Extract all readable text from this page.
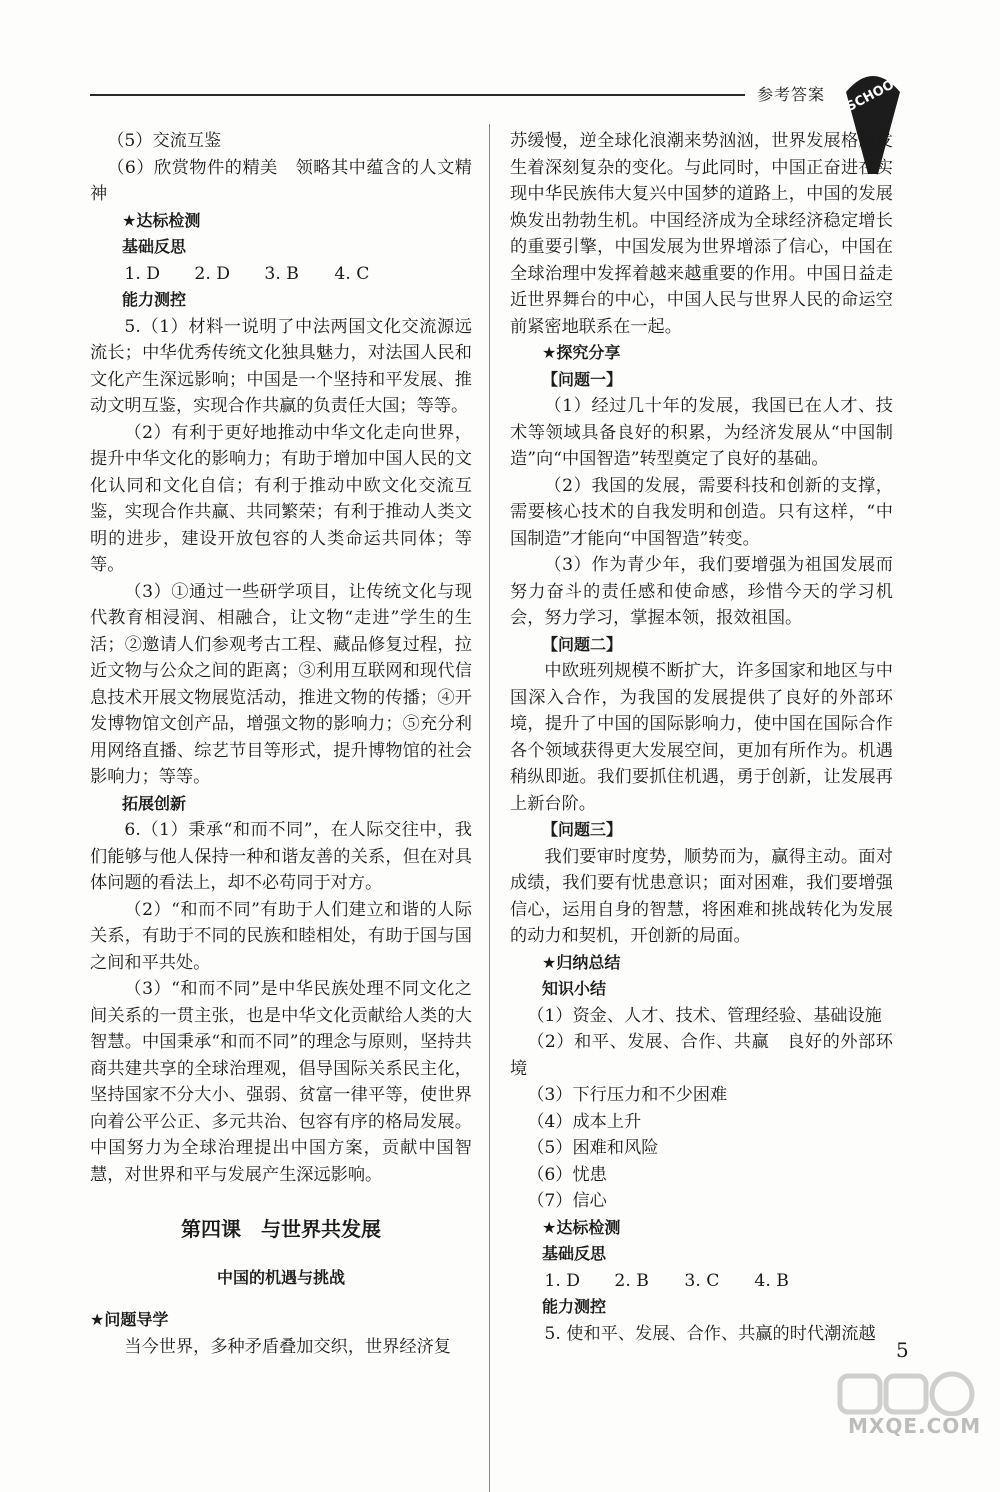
参考答案 SCHOOL

（5）交流互鉴

（6）欣赏物件的精美　领略其中蕴含的人文精神

★达标检测

基础反思

1. D 2. D 3. B 4. C

能力测控

5.（1）材料一说明了中法两国文化交流源远流长；中华优秀传统文化独具魅力，对法国人民和文化产生深远影响；中国是一个坚持和平发展、推动文明互鉴，实现合作共赢的负责任大国；等等。

（2）有利于更好地推动中华文化走向世界，提升中华文化的影响力；有助于增加中国人民的文化认同和文化自信；有利于推动中欧文化交流互鉴，实现合作共赢、共同繁荣；有利于推动人类文明的进步，建设开放包容的人类命运共同体；等等。

（3）①通过一些研学项目，让传统文化与现代教育相浸润、相融合，让文物“走进”学生的生活；②邀请人们参观考古工程、藏品修复过程，拉近文物与公众之间的距离；③利用互联网和现代信息技术开展文物展览活动，推进文物的传播；④开发博物馆文创产品，增强文物的影响力；⑤充分利用网络直播、综艺节目等形式，提升博物馆的社会影响力；等等。

拓展创新

6.（1）秉承“和而不同”，在人际交往中，我们能够与他人保持一种和谐友善的关系，但在对具体问题的看法上，却不必苟同于对方。

（2）“和而不同”有助于人们建立和谐的人际关系，有助于不同的民族和睦相处，有助于国与国之间和平共处。

（3）“和而不同”是中华民族处理不同文化之间关系的一贯主张，也是中华文化贡献给人类的大智慧。中国秉承“和而不同”的理念与原则，坚持共商共建共享的全球治理观，倡导国际关系民主化，坚持国家不分大小、强弱、贫富一律平等，使世界向着公平公正、多元共治、包容有序的格局发展。中国努力为全球治理提出中国方案，贡献中国智慧，对世界和平与发展产生深远影响。

第四课　与世界共发展
中国的机遇与挑战

★问题导学

当今世界，多种矛盾叠加交织，世界经济复

苏缓慢，逆全球化浪潮来势汹汹，世界发展格局发生着深刻复杂的变化。与此同时，中国正奋进在实现中华民族伟大复兴中国梦的道路上，中国的发展焕发出勃勃生机。中国经济成为全球经济稳定增长的重要引擎，中国发展为世界增添了信心，中国在全球治理中发挥着越来越重要的作用。中国日益走近世界舞台的中心，中国人民与世界人民的命运空前紧密地联系在一起。

★探究分享

【问题一】

（1）经过几十年的发展，我国已在人才、技术等领域具备良好的积累，为经济发展从“中国制造”向“中国智造”转型奠定了良好的基础。

（2）我国的发展，需要科技和创新的支撑，需要核心技术的自我发明和创造。只有这样，“中国制造”才能向“中国智造”转变。

（3）作为青少年，我们要增强为祖国发展而努力奋斗的责任感和使命感，珍惜今天的学习机会，努力学习，掌握本领，报效祖国。

【问题二】

中欧班列规模不断扩大，许多国家和地区与中国深入合作，为我国的发展提供了良好的外部环境，提升了中国的国际影响力，使中国在国际合作各个领域获得更大发展空间，更加有所作为。机遇稍纵即逝。我们要抓住机遇，勇于创新，让发展再上新台阶。

【问题三】

我们要审时度势，顺势而为，赢得主动。面对成绩，我们要有忧患意识；面对困难，我们要增强信心，运用自身的智慧，将困难和挑战转化为发展的动力和契机，开创新的局面。

★归纳总结

知识小结

（1）资金、人才、技术、管理经验、基础设施

（2）和平、发展、合作、共赢　良好的外部环境

（3）下行压力和不少困难

（4）成本上升

（5）困难和风险

（6）忧患

（7）信心

★达标检测

基础反思

1. D 2. B 3. C 4. B

能力测控

5. 使和平、发展、合作、共赢的时代潮流越

5
MXQE.COM
